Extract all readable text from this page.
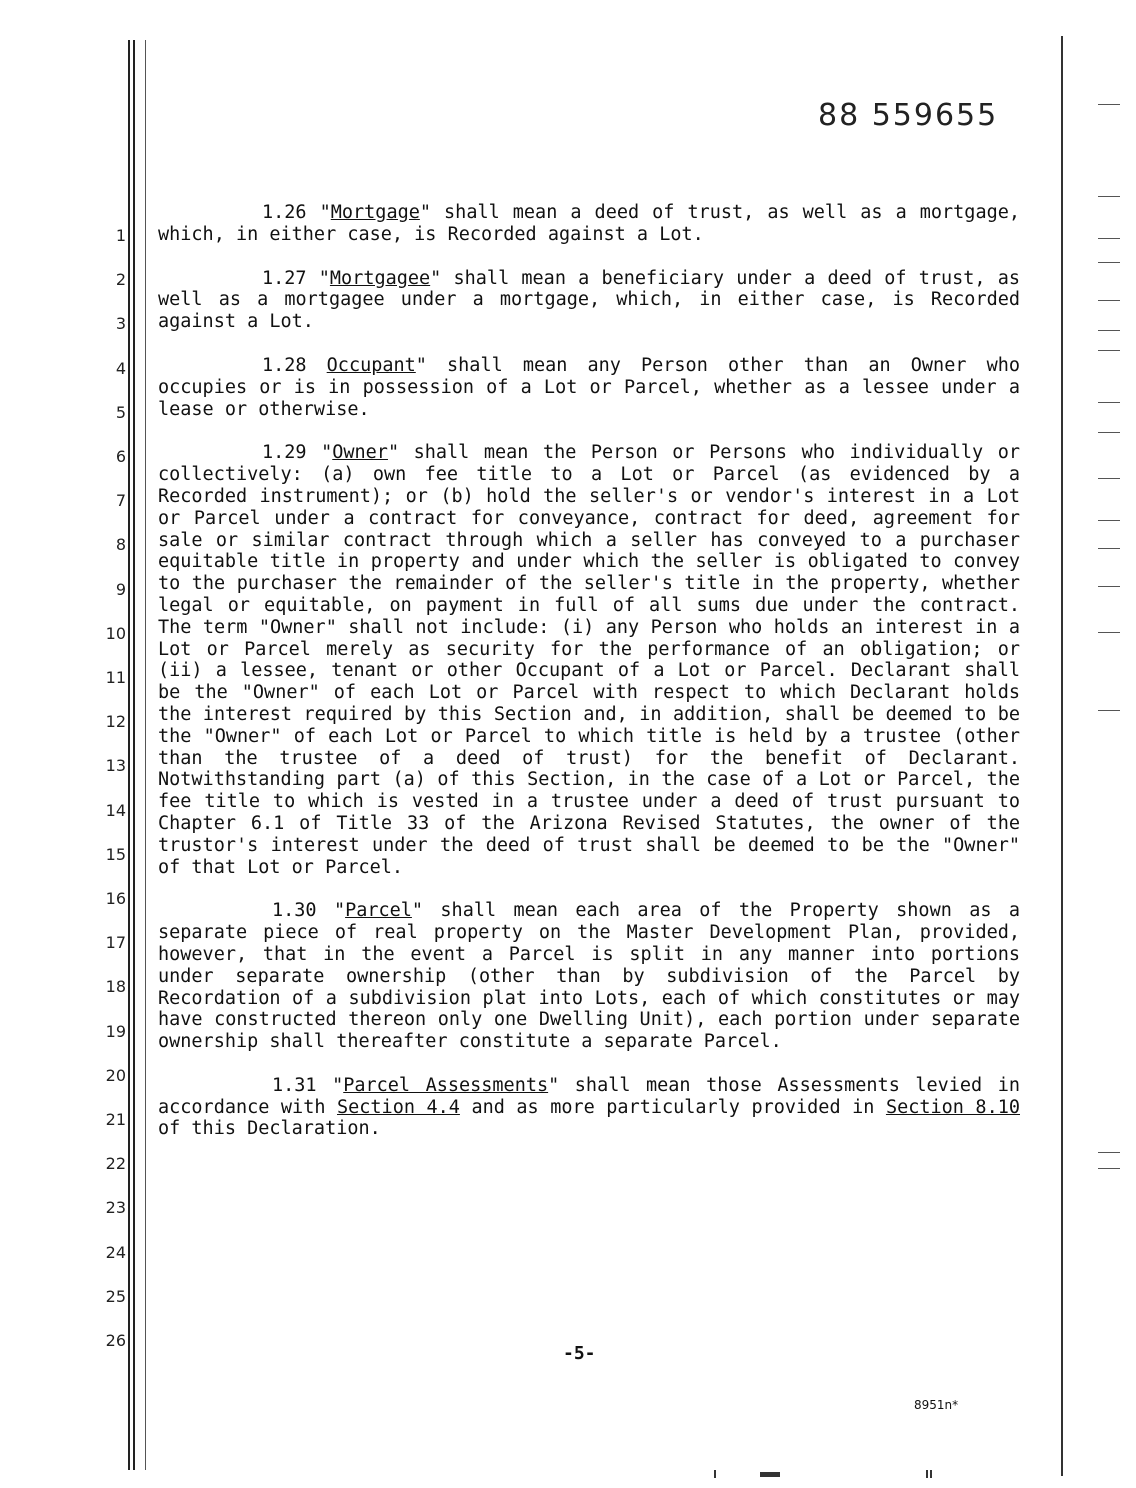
88 559655
1
2
3
4
5
6
7
8
9
10
11
12
13
14
15
16
17
18
19
20
21
22
23
24
25
26

1.26 "Mortgage" shall mean a deed of trust, as well as a mortgage, which, in either case, is Recorded against a Lot.

1.27 "Mortgagee" shall mean a beneficiary under a deed of trust, as well as a mortgagee under a mortgage, which, in either case, is Recorded against a Lot.

1.28 Occupant" shall mean any Person other than an Owner who occupies or is in possession of a Lot or Parcel, whether as a lessee under a lease or otherwise.

1.29 "Owner" shall mean the Person or Persons who individually or collectively: (a) own fee title to a Lot or Parcel (as evidenced by a Recorded instrument); or (b) hold the seller's or vendor's interest in a Lot or Parcel under a contract for conveyance, contract for deed, agreement for sale or similar contract through which a seller has conveyed to a purchaser equitable title in property and under which the seller is obligated to convey to the purchaser the remainder of the seller's title in the property, whether legal or equitable, on payment in full of all sums due under the contract. The term "Owner" shall not include: (i) any Person who holds an interest in a Lot or Parcel merely as security for the performance of an obligation; or (ii) a lessee, tenant or other Occupant of a Lot or Parcel. Declarant shall be the "Owner" of each Lot or Parcel with respect to which Declarant holds the interest required by this Section and, in addition, shall be deemed to be the "Owner" of each Lot or Parcel to which title is held by a trustee (other than the trustee of a deed of trust) for the benefit of Declarant. Notwithstanding part (a) of this Section, in the case of a Lot or Parcel, the fee title to which is vested in a trustee under a deed of trust pursuant to Chapter 6.1 of Title 33 of the Arizona Revised Statutes, the owner of the trustor's interest under the deed of trust shall be deemed to be the "Owner" of that Lot or Parcel.

1.30 "Parcel" shall mean each area of the Property shown as a separate piece of real property on the Master Development Plan, provided, however, that in the event a Parcel is split in any manner into portions under separate ownership (other than by subdivision of the Parcel by Recordation of a subdivision plat into Lots, each of which constitutes or may have constructed thereon only one Dwelling Unit), each portion under separate ownership shall thereafter constitute a separate Parcel.

1.31 "Parcel Assessments" shall mean those Assessments levied in accordance with Section 4.4 and as more particularly provided in Section 8.10 of this Declaration.

-5-
8951n*
